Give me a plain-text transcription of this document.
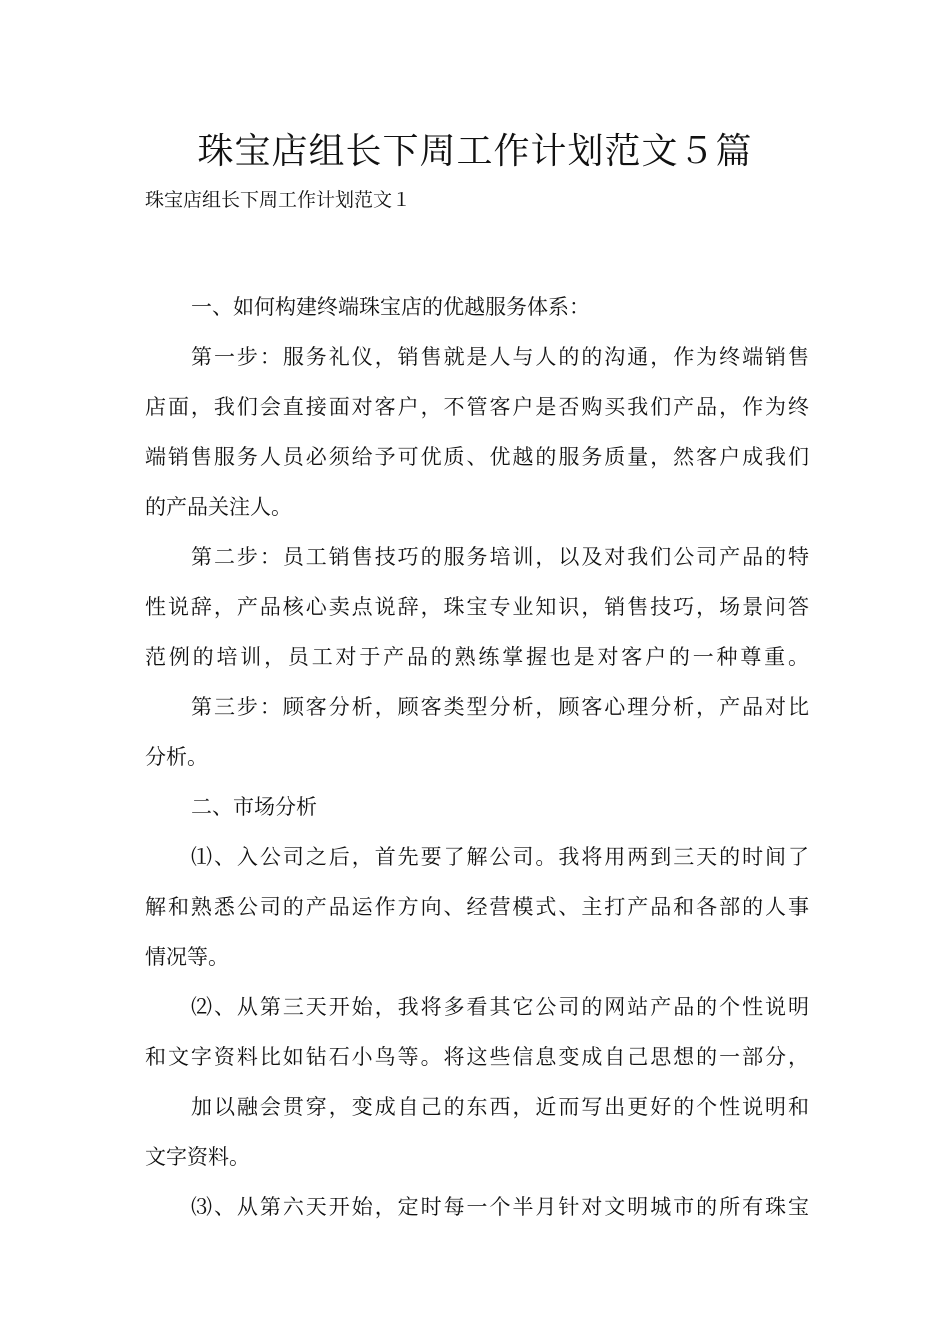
珠宝店组长下周工作计划范文５篇

珠宝店组长下周工作计划范文１

一、如何构建终端珠宝店的优越服务体系：

第一步：服务礼仪，销售就是人与人的的沟通，作为终端销售

店面，我们会直接面对客户，不管客户是否购买我们产品，作为终

端销售服务人员必须给予可优质、优越的服务质量，然客户成我们

的产品关注人。

第二步：员工销售技巧的服务培训，以及对我们公司产品的特

性说辞，产品核心卖点说辞，珠宝专业知识，销售技巧，场景问答

范例的培训，员工对于产品的熟练掌握也是对客户的一种尊重。

第三步：顾客分析，顾客类型分析，顾客心理分析，产品对比

分析。

二、市场分析

⑴、入公司之后，首先要了解公司。我将用两到三天的时间了

解和熟悉公司的产品运作方向、经营模式、主打产品和各部的人事

情况等。

⑵、从第三天开始，我将多看其它公司的网站产品的个性说明

和文字资料比如钻石小鸟等。将这些信息变成自己思想的一部分，

加以融会贯穿，变成自己的东西，近而写出更好的个性说明和

文字资料。

⑶、从第六天开始，定时每一个半月针对文明城市的所有珠宝
